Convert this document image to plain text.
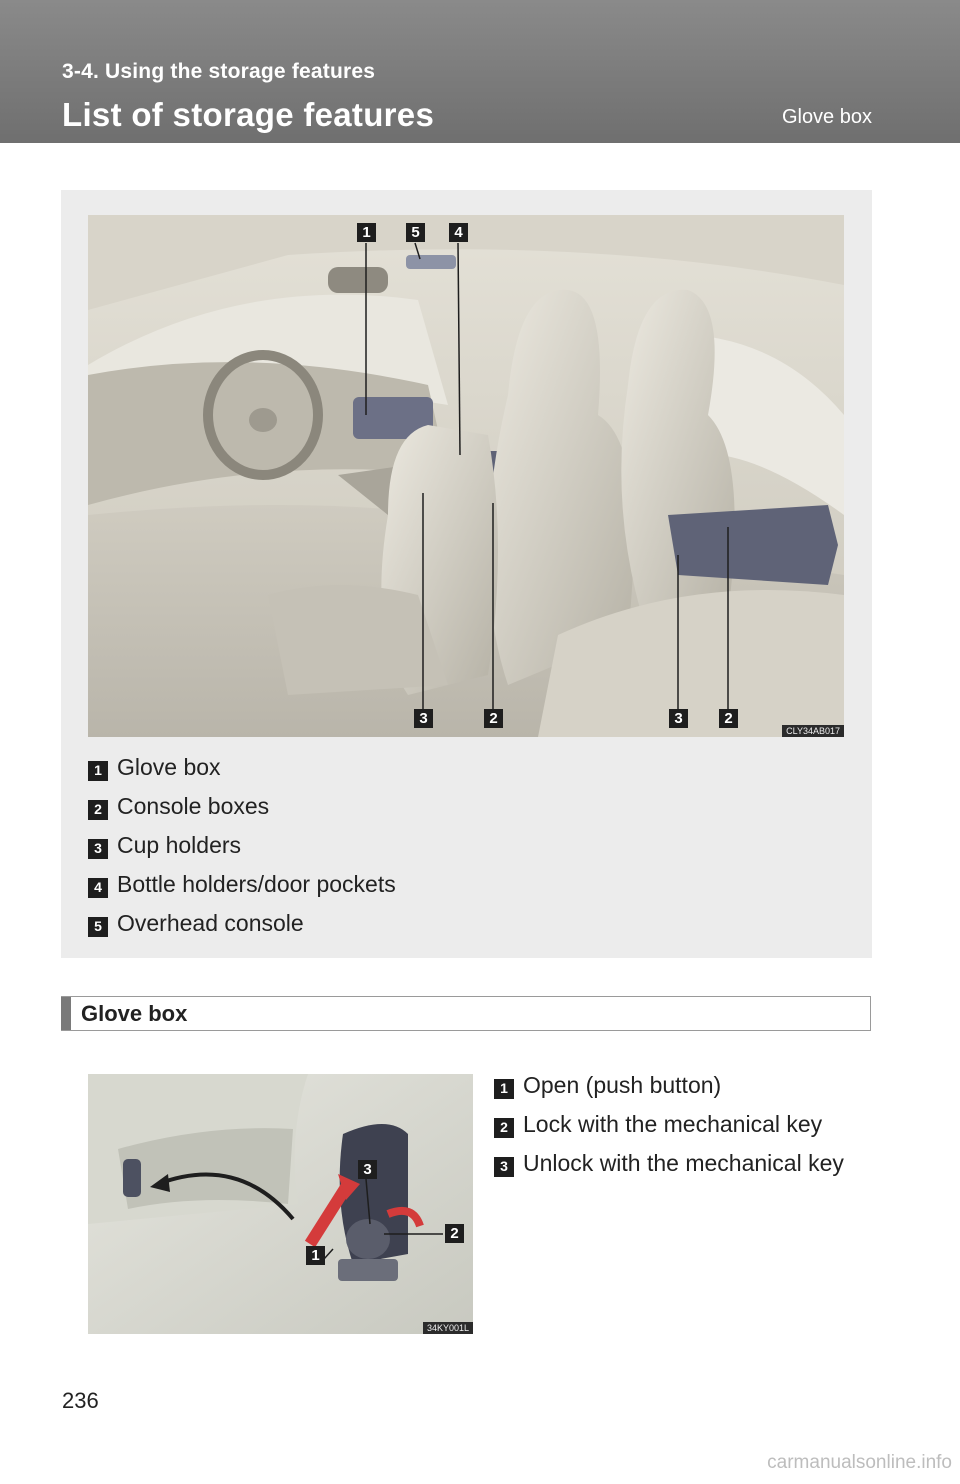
3-4. Using the storage features
List of storage features	Glove box
1	5	4
3	2	3	2
CLY34AB017
1 Glove box
2 Console boxes
3 Cup holders
4 Bottle holders/door pockets
5 Overhead console
Glove box
3
2
1
34KY001L
1 Open (push button)
2 Lock with the mechanical key
3 Unlock with the mechanical key
236
carmanualsonline.info
